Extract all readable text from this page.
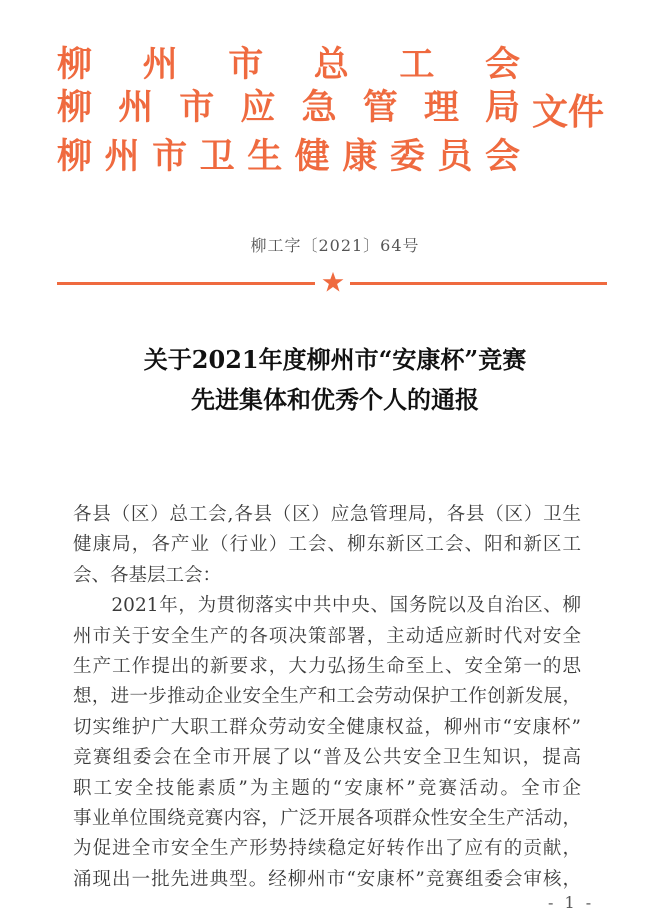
柳州市总工会
柳州市应急管理局
柳州市卫生健康委员会
文件
柳工字〔2021〕64号
关于2021年度柳州市“安康杯”竞赛
先进集体和优秀个人的通报
各县（区）总工会,各县（区）应急管理局，各县（区）卫生
健康局，各产业（行业）工会、柳东新区工会、阳和新区工
会、各基层工会：
　　2021年，为贯彻落实中共中央、国务院以及自治区、柳
州市关于安全生产的各项决策部署，主动适应新时代对安全
生产工作提出的新要求，大力弘扬生命至上、安全第一的思
想，进一步推动企业安全生产和工会劳动保护工作创新发展，
切实维护广大职工群众劳动安全健康权益，柳州市“安康杯”
竞赛组委会在全市开展了以“普及公共安全卫生知识，提高
职工安全技能素质”为主题的“安康杯”竞赛活动。全市企
事业单位围绕竞赛内容，广泛开展各项群众性安全生产活动，
为促进全市安全生产形势持续稳定好转作出了应有的贡献，
涌现出一批先进典型。经柳州市“安康杯”竞赛组委会审核，
- 1 -
